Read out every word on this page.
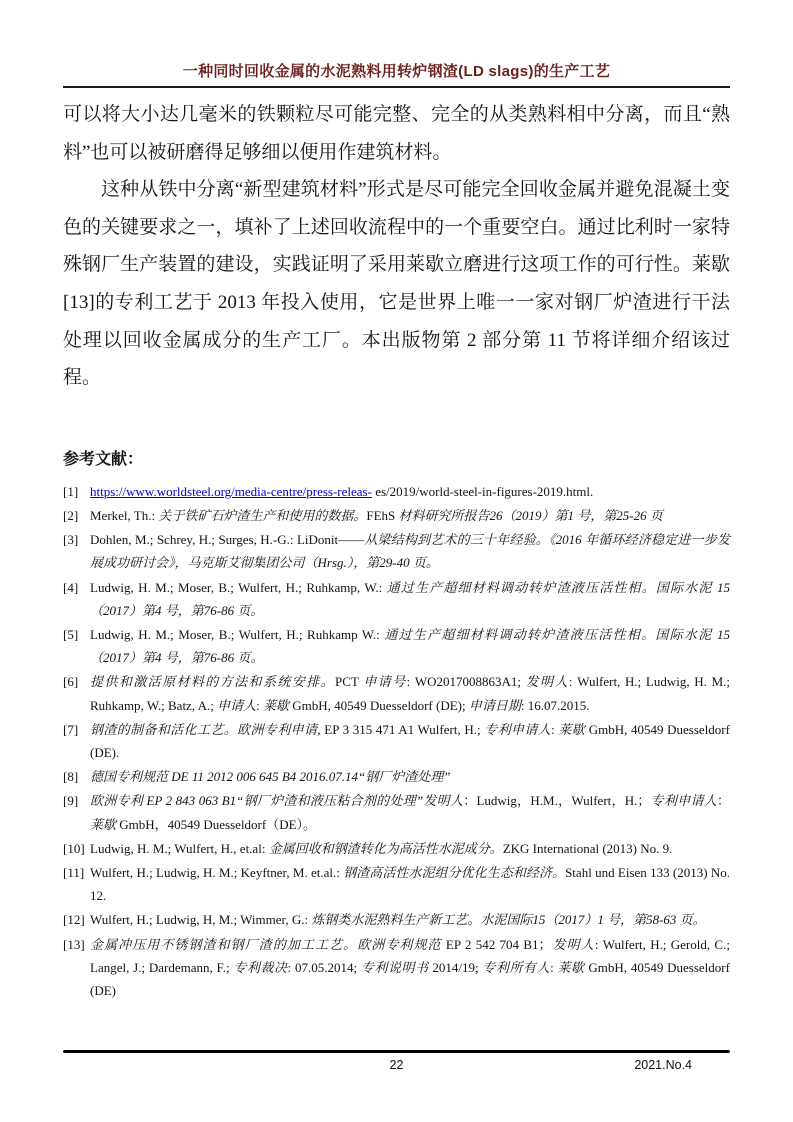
一种同时回收金属的水泥熟料用转炉钢渣(LD slags)的生产工艺

可以将大小达几毫米的铁颗粒尽可能完整、完全的从类熟料相中分离，而且“熟料”也可以被研磨得足够细以便用作建筑材料。

这种从铁中分离“新型建筑材料”形式是尽可能完全回收金属并避免混凝土变色的关键要求之一，填补了上述回收流程中的一个重要空白。通过比利时一家特殊钢厂生产装置的建设，实践证明了采用莱歇立磨进行这项工作的可行性。莱歇[13]的专利工艺于 2013 年投入使用，它是世界上唯一一家对钢厂炉渣进行干法处理以回收金属成分的生产工厂。本出版物第 2 部分第 11 节将详细介绍该过程。

参考文献：
[1] https://www.worldsteel.org/media-centre/press-releas- es/2019/world-steel-in-figures-2019.html.
[2] Merkel, Th.: 关于铁矿石炉渣生产和使用的数据。FEhS 材料研究所报告26（2019）第1 号，第25-26 页
[3] Dohlen, M.; Schrey, H.; Surges, H.-G.: LiDonit——从梁结构到艺术的三十年经验。《2016 年循环经济稳定进一步发展成功研讨会》，马克斯艾彻集团公司（Hrsg.），第29-40 页。
[4] Ludwig, H. M.; Moser, B.; Wulfert, H.; Ruhkamp, W.: 通过生产超细材料调动转炉渣液压活性相。国际水泥 15（2017）第4 号，第76-86 页。
[5] Ludwig, H. M.; Moser, B.; Wulfert, H.; Ruhkamp W.: 通过生产超细材料调动转炉渣液压活性相。国际水泥 15（2017）第4 号，第76-86 页。
[6] 提供和激活原材料的方法和系统安排。PCT 申请号: WO2017008863A1; 发明人: Wulfert, H.; Ludwig, H. M.; Ruhkamp, W.; Batz, A.; 申请人: 莱歇 GmbH, 40549 Duesseldorf (DE); 申请日期: 16.07.2015.
[7] 钢渣的制备和活化工艺。欧洲专利申请, EP 3 315 471 A1 Wulfert, H.; 专利申请人: 莱歇 GmbH, 40549 Duesseldorf (DE).
[8] 德国专利规范 DE 11 2012 006 645 B4 2016.07.14“钢厂炉渣处理”
[9] 欧洲专利 EP 2 843 063 B1“钢厂炉渣和液压粘合剂的处理”发明人：Ludwig，H.M.，Wulfert，H.；专利申请人：莱歇 GmbH，40549 Duesseldorf（DE）。
[10] Ludwig, H. M.; Wulfert, H., et.al: 金属回收和钢渣转化为高活性水泥成分。ZKG International (2013) No. 9.
[11] Wulfert, H.; Ludwig, H. M.; Keyftner, M. et.al.: 钢渣高活性水泥组分优化生态和经济。Stahl und Eisen 133 (2013) No. 12.
[12] Wulfert, H.; Ludwig, H, M.; Wimmer, G.: 炼钢类水泥熟料生产新工艺。水泥国际15（2017）1 号，第58-63 页。
[13] 金属冲压用不锈钢渣和钢厂渣的加工工艺。欧洲专利规范 EP 2 542 704 B1；发明人: Wulfert, H.; Gerold, C.; Langel, J.; Dardemann, F.; 专利裁决: 07.05.2014; 专利说明书 2014/19; 专利所有人: 莱歇 GmbH, 40549 Duesseldorf (DE)
22	2021.No.4
